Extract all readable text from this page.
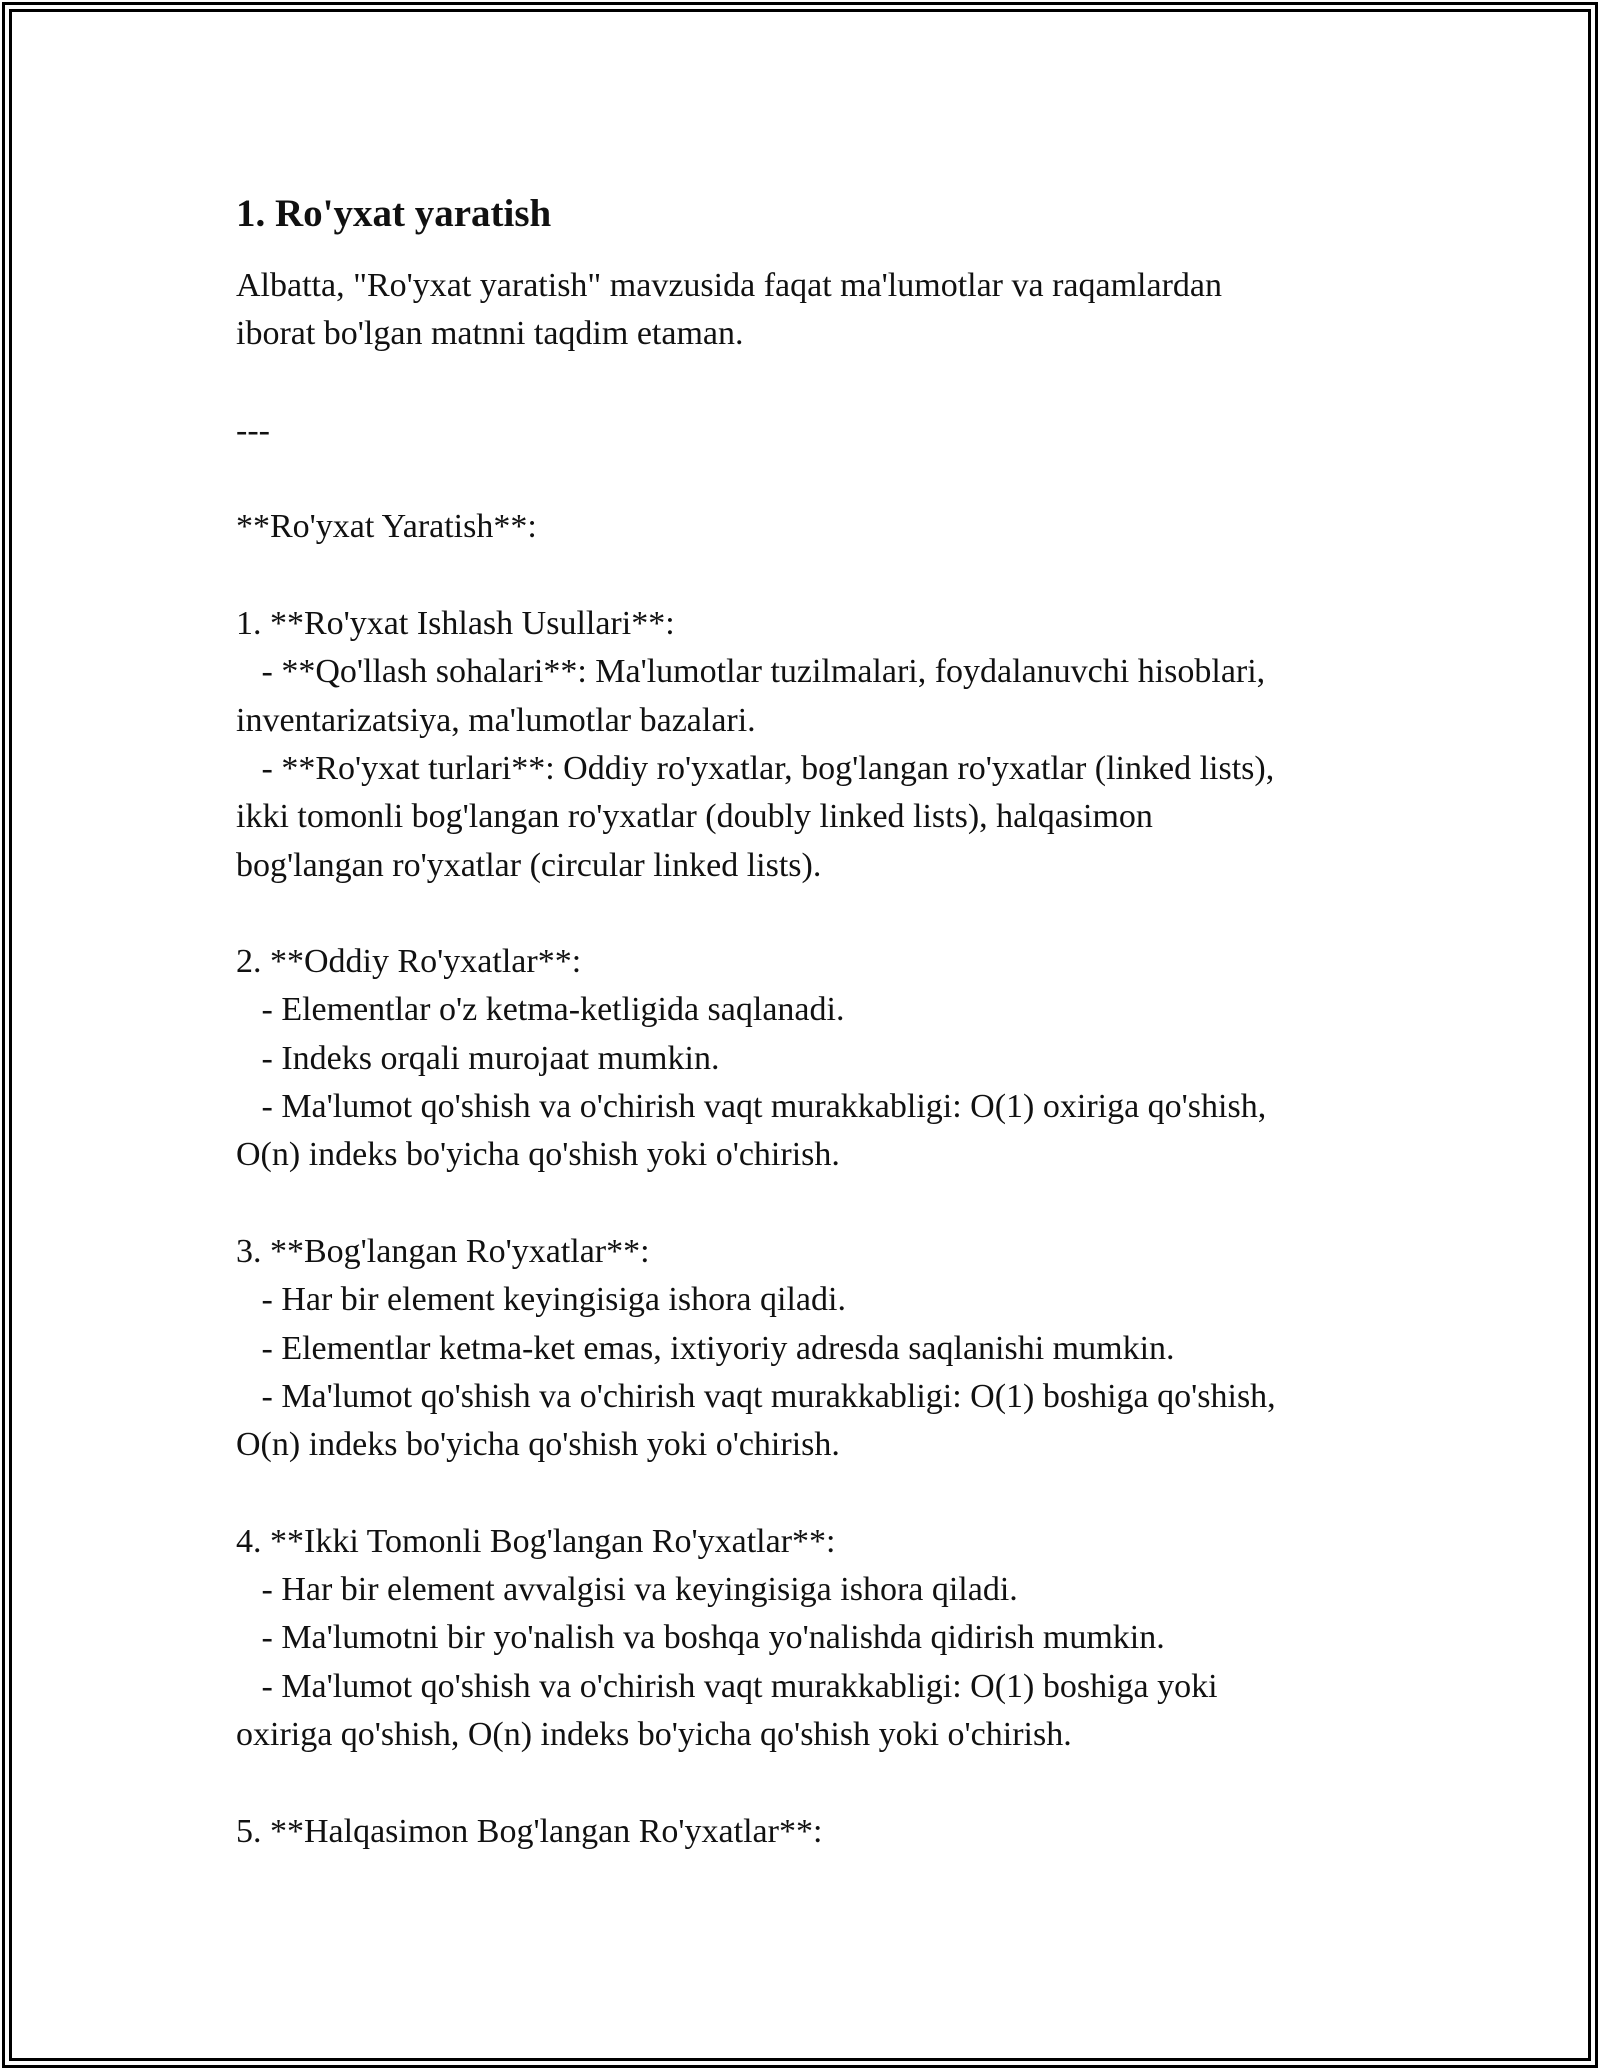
1. Ro'yxat yaratish
Albatta, "Ro'yxat yaratish" mavzusida faqat ma'lumotlar va raqamlardan
iborat bo'lgan matnni taqdim etaman.
---
**Ro'yxat Yaratish**:
1. **Ro'yxat Ishlash Usullari**:
- **Qo'llash sohalari**: Ma'lumotlar tuzilmalari, foydalanuvchi hisoblari,
inventarizatsiya, ma'lumotlar bazalari.
- **Ro'yxat turlari**: Oddiy ro'yxatlar, bog'langan ro'yxatlar (linked lists),
ikki tomonli bog'langan ro'yxatlar (doubly linked lists), halqasimon
bog'langan ro'yxatlar (circular linked lists).
2. **Oddiy Ro'yxatlar**:
- Elementlar o'z ketma-ketligida saqlanadi.
- Indeks orqali murojaat mumkin.
- Ma'lumot qo'shish va o'chirish vaqt murakkabligi: O(1) oxiriga qo'shish,
O(n) indeks bo'yicha qo'shish yoki o'chirish.
3. **Bog'langan Ro'yxatlar**:
- Har bir element keyingisiga ishora qiladi.
- Elementlar ketma-ket emas, ixtiyoriy adresda saqlanishi mumkin.
- Ma'lumot qo'shish va o'chirish vaqt murakkabligi: O(1) boshiga qo'shish,
O(n) indeks bo'yicha qo'shish yoki o'chirish.
4. **Ikki Tomonli Bog'langan Ro'yxatlar**:
- Har bir element avvalgisi va keyingisiga ishora qiladi.
- Ma'lumotni bir yo'nalish va boshqa yo'nalishda qidirish mumkin.
- Ma'lumot qo'shish va o'chirish vaqt murakkabligi: O(1) boshiga yoki
oxiriga qo'shish, O(n) indeks bo'yicha qo'shish yoki o'chirish.
5. **Halqasimon Bog'langan Ro'yxatlar**:
